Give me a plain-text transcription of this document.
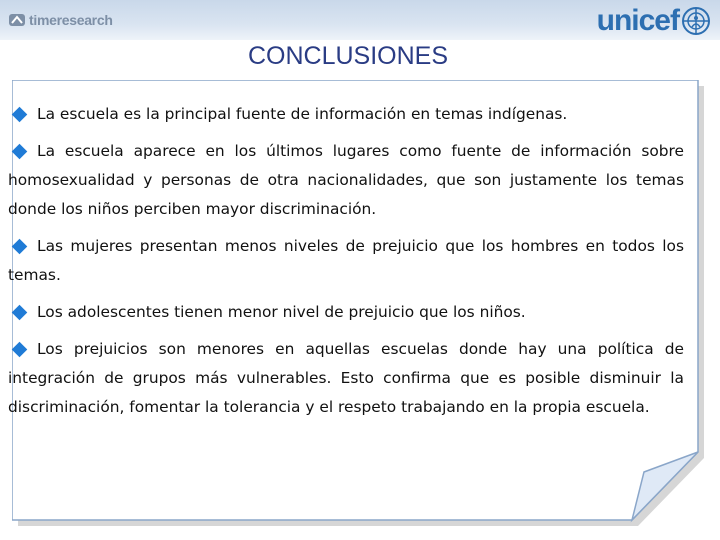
timeresearch	unicef
CONCLUSIONES

La escuela es la principal fuente de información en temas indígenas.

La escuela aparece en los últimos lugares como fuente de información sobre homosexualidad y personas de otra nacionalidades, que son justamente los temas donde los niños perciben mayor discriminación.

Las mujeres presentan menos niveles de prejuicio que los hombres en todos los temas.

Los adolescentes tienen menor nivel de prejuicio que los niños.

Los prejuicios son menores en aquellas escuelas donde hay una política de integración de grupos más vulnerables. Esto confirma que es posible disminuir la discriminación, fomentar la tolerancia y el respeto trabajando en la propia escuela.
